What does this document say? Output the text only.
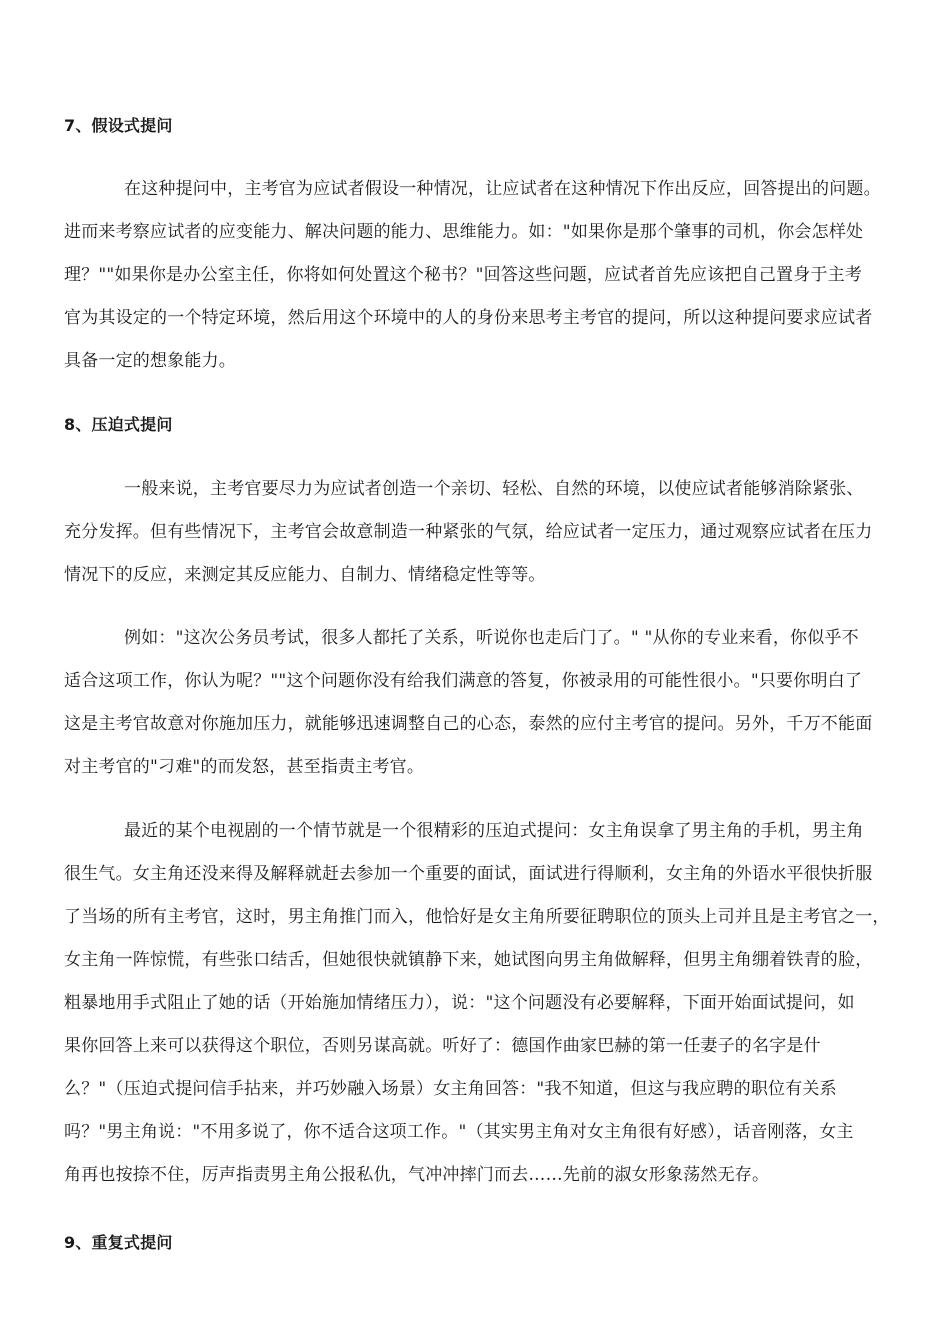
7、假设式提问

在这种提问中，主考官为应试者假设一种情况，让应试者在这种情况下作出反应，回答提出的问题。

进而来考察应试者的应变能力、解决问题的能力、思维能力。如："如果你是那个肇事的司机，你会怎样处

理？""如果你是办公室主任，你将如何处置这个秘书？"回答这些问题，应试者首先应该把自己置身于主考

官为其设定的一个特定环境，然后用这个环境中的人的身份来思考主考官的提问，所以这种提问要求应试者

具备一定的想象能力。

8、压迫式提问

一般来说，主考官要尽力为应试者创造一个亲切、轻松、自然的环境，以使应试者能够消除紧张、

充分发挥。但有些情况下，主考官会故意制造一种紧张的气氛，给应试者一定压力，通过观察应试者在压力

情况下的反应，来测定其反应能力、自制力、情绪稳定性等等。

例如："这次公务员考试，很多人都托了关系，听说你也走后门了。" "从你的专业来看，你似乎不

适合这项工作，你认为呢？""这个问题你没有给我们满意的答复，你被录用的可能性很小。"只要你明白了

这是主考官故意对你施加压力，就能够迅速调整自己的心态，泰然的应付主考官的提问。另外，千万不能面

对主考官的"刁难"的而发怒，甚至指责主考官。

最近的某个电视剧的一个情节就是一个很精彩的压迫式提问：女主角误拿了男主角的手机，男主角

很生气。女主角还没来得及解释就赶去参加一个重要的面试，面试进行得顺利，女主角的外语水平很快折服

了当场的所有主考官，这时，男主角推门而入，他恰好是女主角所要征聘职位的顶头上司并且是主考官之一，

女主角一阵惊慌，有些张口结舌，但她很快就镇静下来，她试图向男主角做解释，但男主角绷着铁青的脸，

粗暴地用手式阻止了她的话（开始施加情绪压力），说："这个问题没有必要解释，下面开始面试提问，如

果你回答上来可以获得这个职位，否则另谋高就。听好了：德国作曲家巴赫的第一任妻子的名字是什

么？"（压迫式提问信手拈来，并巧妙融入场景）女主角回答："我不知道，但这与我应聘的职位有关系

吗？"男主角说："不用多说了，你不适合这项工作。"（其实男主角对女主角很有好感），话音刚落，女主

角再也按捺不住，厉声指责男主角公报私仇，气冲冲摔门而去……先前的淑女形象荡然无存。

9、重复式提问
